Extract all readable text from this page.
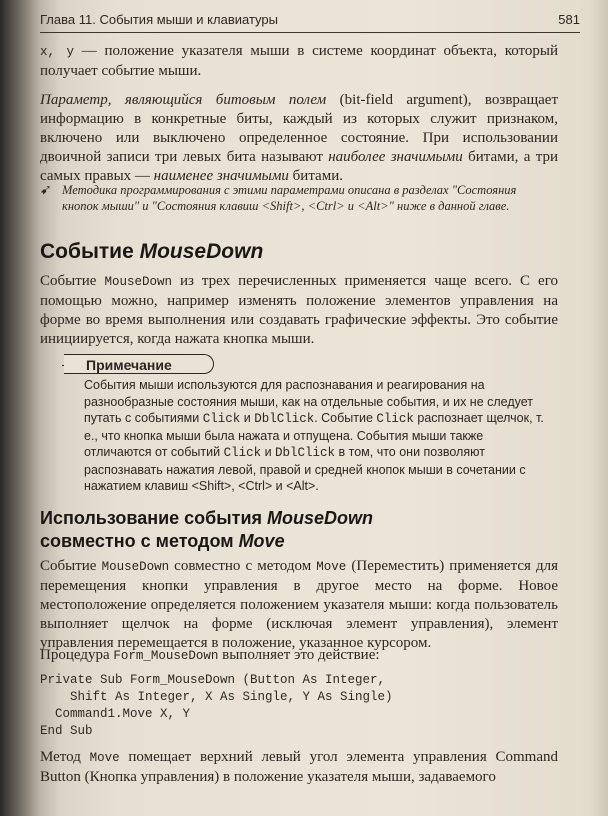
Глава 11. События мыши и клавиатуры	581
x, y — положение указателя мыши в системе координат объекта, который получает событие мыши.
Параметр, являющийся битовым полем (bit-field argument), возвращает информацию в конкретные биты, каждый из которых служит признаком, включено или выключено определенное состояние. При использовании двоичной записи три левых бита называют наиболее значимыми битами, а три самых правых — наименее значимыми битами.
➹ Методика программирования с этими параметрами описана в разделах "Состояния кнопок мыши" и "Состояния клавиш <Shift>, <Ctrl> и <Alt>" ниже в данной главе.
Событие MouseDown
Событие MouseDown из трех перечисленных применяется чаще всего. С его помощью можно, например изменять положение элементов управления на форме во время выполнения или создавать графические эффекты. Это событие инициируется, когда нажата кнопка мыши.
Примечание
События мыши используются для распознавания и реагирования на разнообразные состояния мыши, как на отдельные события, и их не следует путать с событиями Click и DblClick. Событие Click распознает щелчок, т. е., что кнопка мыши была нажата и отпущена. События мыши также отличаются от событий Click и DblClick в том, что они позволяют распознавать нажатия левой, правой и средней кнопок мыши в сочетании с нажатием клавиш <Shift>, <Ctrl> и <Alt>.
Использование события MouseDown
совместно с методом Move
Событие MouseDown совместно с методом Move (Переместить) применяется для перемещения кнопки управления в другое место на форме. Новое местоположение определяется положением указателя мыши: когда пользователь выполняет щелчок на форме (исключая элемент управления), элемент управления перемещается в положение, указанное курсором.
Процедура Form_MouseDown выполняет это действие:
Private Sub Form_MouseDown (Button As Integer,
Shift As Integer, X As Single, Y As Single)
Command1.Move X, Y
End Sub
Метод Move помещает верхний левый угол элемента управления Command Button (Кнопка управления) в положение указателя мыши, задаваемого
